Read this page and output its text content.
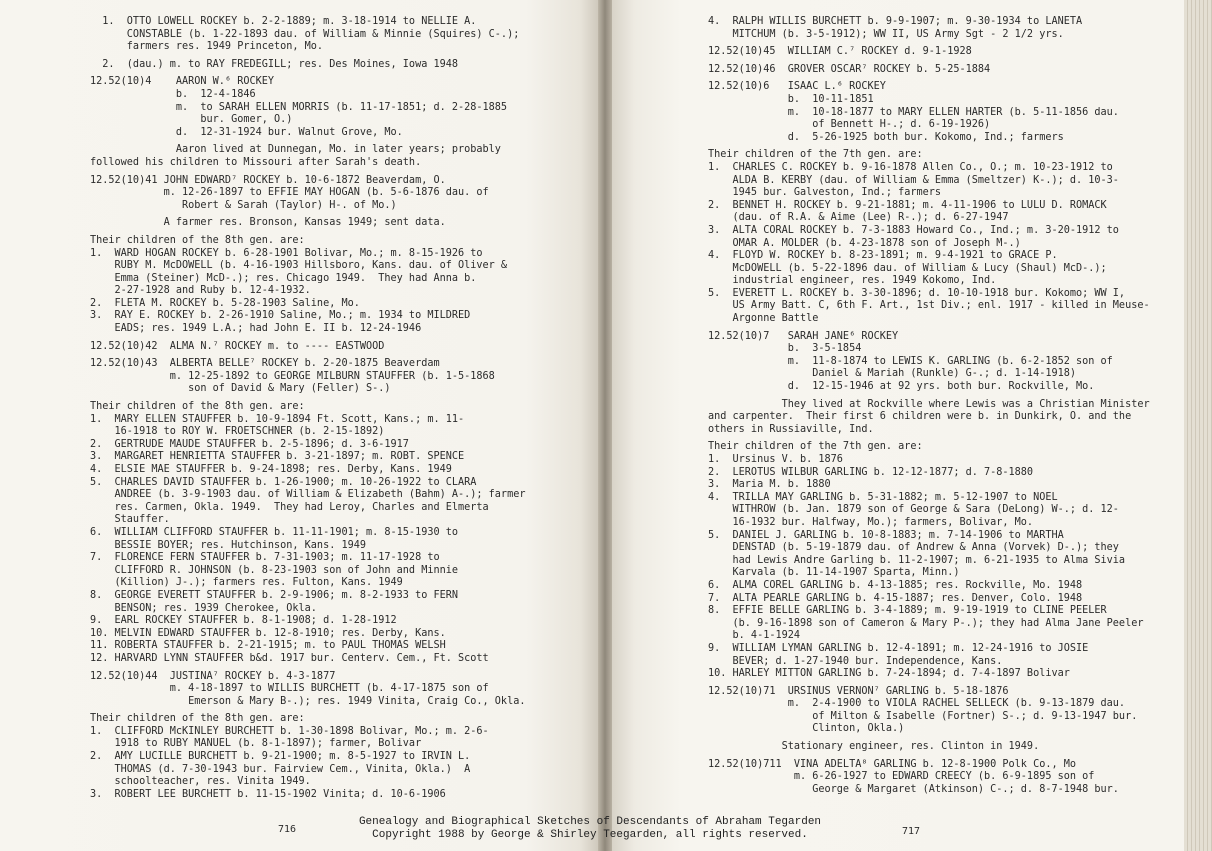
1.  OTTO LOWELL ROCKEY b. 2-2-1889; m. 3-18-1914 to NELLIE A.
CONSTABLE (b. 1-22-1893 dau. of William & Minnie (Squires) C-.);
farmers res. 1949 Princeton, Mo.
2.  (dau.) m. to RAY FREDEGILL; res. Des Moines, Iowa 1948
12.52(10)4    AARON W.⁶ ROCKEY
b.  12-4-1846
m.  to SARAH ELLEN MORRIS (b. 11-17-1851; d. 2-28-1885
bur. Gomer, O.)
d.  12-31-1924 bur. Walnut Grove, Mo.
Aaron lived at Dunnegan, Mo. in later years; probably
followed his children to Missouri after Sarah's death.
12.52(10)41 JOHN EDWARD⁷ ROCKEY b. 10-6-1872 Beaverdam, O.
m. 12-26-1897 to EFFIE MAY HOGAN (b. 5-6-1876 dau. of
Robert & Sarah (Taylor) H-. of Mo.)
A farmer res. Bronson, Kansas 1949; sent data.
Their children of the 8th gen. are:
1.  WARD HOGAN ROCKEY b. 6-28-1901 Bolivar, Mo.; m. 8-15-1926 to
RUBY M. McDOWELL (b. 4-16-1903 Hillsboro, Kans. dau. of Oliver &
Emma (Steiner) McD-.); res. Chicago 1949.  They had Anna b.
2-27-1928 and Ruby b. 12-4-1932.
2.  FLETA M. ROCKEY b. 5-28-1903 Saline, Mo.
3.  RAY E. ROCKEY b. 2-26-1910 Saline, Mo.; m. 1934 to MILDRED
EADS; res. 1949 L.A.; had John E. II b. 12-24-1946
12.52(10)42  ALMA N.⁷ ROCKEY m. to ---- EASTWOOD
12.52(10)43  ALBERTA BELLE⁷ ROCKEY b. 2-20-1875 Beaverdam
m. 12-25-1892 to GEORGE MILBURN STAUFFER (b. 1-5-1868
son of David & Mary (Feller) S-.)
Their children of the 8th gen. are:
1.  MARY ELLEN STAUFFER b. 10-9-1894 Ft. Scott, Kans.; m. 11-
16-1918 to ROY W. FROETSCHNER (b. 2-15-1892)
2.  GERTRUDE MAUDE STAUFFER b. 2-5-1896; d. 3-6-1917
3.  MARGARET HENRIETTA STAUFFER b. 3-21-1897; m. ROBT. SPENCE
4.  ELSIE MAE STAUFFER b. 9-24-1898; res. Derby, Kans. 1949
5.  CHARLES DAVID STAUFFER b. 1-26-1900; m. 10-26-1922 to CLARA
ANDREE (b. 3-9-1903 dau. of William & Elizabeth (Bahm) A-.); farmer
res. Carmen, Okla. 1949.  They had Leroy, Charles and Elmerta
Stauffer.
6.  WILLIAM CLIFFORD STAUFFER b. 11-11-1901; m. 8-15-1930 to
BESSIE BOYER; res. Hutchinson, Kans. 1949
7.  FLORENCE FERN STAUFFER b. 7-31-1903; m. 11-17-1928 to
CLIFFORD R. JOHNSON (b. 8-23-1903 son of John and Minnie
(Killion) J-.); farmers res. Fulton, Kans. 1949
8.  GEORGE EVERETT STAUFFER b. 2-9-1906; m. 8-2-1933 to FERN
BENSON; res. 1939 Cherokee, Okla.
9.  EARL ROCKEY STAUFFER b. 8-1-1908; d. 1-28-1912
10. MELVIN EDWARD STAUFFER b. 12-8-1910; res. Derby, Kans.
11. ROBERTA STAUFFER b. 2-21-1915; m. to PAUL THOMAS WELSH
12. HARVARD LYNN STAUFFER b&d. 1917 bur. Centerv. Cem., Ft. Scott
12.52(10)44  JUSTINA⁷ ROCKEY b. 4-3-1877
m. 4-18-1897 to WILLIS BURCHETT (b. 4-17-1875 son of
Emerson & Mary B-.); res. 1949 Vinita, Craig Co., Okla.
Their children of the 8th gen. are:
1.  CLIFFORD McKINLEY BURCHETT b. 1-30-1898 Bolivar, Mo.; m. 2-6-
1918 to RUBY MANUEL (b. 8-1-1897); farmer, Bolivar
2.  AMY LUCILLE BURCHETT b. 9-21-1900; m. 8-5-1927 to IRVIN L.
THOMAS (d. 7-30-1943 bur. Fairview Cem., Vinita, Okla.)  A
schoolteacher, res. Vinita 1949.
3.  ROBERT LEE BURCHETT b. 11-15-1902 Vinita; d. 10-6-1906
716
4.  RALPH WILLIS BURCHETT b. 9-9-1907; m. 9-30-1934 to LANETA
MITCHUM (b. 3-5-1912); WW II, US Army Sgt - 2 1/2 yrs.
12.52(10)45  WILLIAM C.⁷ ROCKEY d. 9-1-1928
12.52(10)46  GROVER OSCAR⁷ ROCKEY b. 5-25-1884
12.52(10)6   ISAAC L.⁶ ROCKEY
b.  10-11-1851
m.  10-18-1877 to MARY ELLEN HARTER (b. 5-11-1856 dau.
of Bennett H-.; d. 6-19-1926)
d.  5-26-1925 both bur. Kokomo, Ind.; farmers
Their children of the 7th gen. are:
1.  CHARLES C. ROCKEY b. 9-16-1878 Allen Co., O.; m. 10-23-1912 to
ALDA B. KERBY (dau. of William & Emma (Smeltzer) K-.); d. 10-3-
1945 bur. Galveston, Ind.; farmers
2.  BENNET H. ROCKEY b. 9-21-1881; m. 4-11-1906 to LULU D. ROMACK
(dau. of R.A. & Aime (Lee) R-.); d. 6-27-1947
3.  ALTA CORAL ROCKEY b. 7-3-1883 Howard Co., Ind.; m. 3-20-1912 to
OMAR A. MOLDER (b. 4-23-1878 son of Joseph M-.)
4.  FLOYD W. ROCKEY b. 8-23-1891; m. 9-4-1921 to GRACE P.
McDOWELL (b. 5-22-1896 dau. of William & Lucy (Shaul) McD-.);
industrial engineer, res. 1949 Kokomo, Ind.
5.  EVERETT L. ROCKEY b. 3-30-1896; d. 10-10-1918 bur. Kokomo; WW I,
US Army Batt. C, 6th F. Art., 1st Div.; enl. 1917 - killed in Meuse-
Argonne Battle
12.52(10)7   SARAH JANE⁶ ROCKEY
b.  3-5-1854
m.  11-8-1874 to LEWIS K. GARLING (b. 6-2-1852 son of
Daniel & Mariah (Runkle) G-.; d. 1-14-1918)
d.  12-15-1946 at 92 yrs. both bur. Rockville, Mo.
They lived at Rockville where Lewis was a Christian Minister
and carpenter.  Their first 6 children were b. in Dunkirk, O. and the
others in Russiaville, Ind.
Their children of the 7th gen. are:
1.  Ursinus V. b. 1876
2.  LEROTUS WILBUR GARLING b. 12-12-1877; d. 7-8-1880
3.  Maria M. b. 1880
4.  TRILLA MAY GARLING b. 5-31-1882; m. 5-12-1907 to NOEL
WITHROW (b. Jan. 1879 son of George & Sara (DeLong) W-.; d. 12-
16-1932 bur. Halfway, Mo.); farmers, Bolivar, Mo.
5.  DANIEL J. GARLING b. 10-8-1883; m. 7-14-1906 to MARTHA
DENSTAD (b. 5-19-1879 dau. of Andrew & Anna (Vorvek) D-.); they
had Lewis Andre Garling b. 11-2-1907; m. 6-21-1935 to Alma Sivia
Karvala (b. 11-14-1907 Sparta, Minn.)
6.  ALMA COREL GARLING b. 4-13-1885; res. Rockville, Mo. 1948
7.  ALTA PEARLE GARLING b. 4-15-1887; res. Denver, Colo. 1948
8.  EFFIE BELLE GARLING b. 3-4-1889; m. 9-19-1919 to CLINE PEELER
(b. 9-16-1898 son of Cameron & Mary P-.); they had Alma Jane Peeler
b. 4-1-1924
9.  WILLIAM LYMAN GARLING b. 12-4-1891; m. 12-24-1916 to JOSIE
BEVER; d. 1-27-1940 bur. Independence, Kans.
10. HARLEY MITTON GARLING b. 7-24-1894; d. 7-4-1897 Bolivar
12.52(10)71  URSINUS VERNON⁷ GARLING b. 5-18-1876
m.  2-4-1900 to VIOLA RACHEL SELLECK (b. 9-13-1879 dau.
of Milton & Isabelle (Fortner) S-.; d. 9-13-1947 bur.
Clinton, Okla.)
Stationary engineer, res. Clinton in 1949.
12.52(10)711  VINA ADELTA⁸ GARLING b. 12-8-1900 Polk Co., Mo
m. 6-26-1927 to EDWARD CREECY (b. 6-9-1895 son of
George & Margaret (Atkinson) C-.; d. 8-7-1948 bur.
717
Genealogy and Biographical Sketches of Descendants of Abraham Tegarden
Copyright 1988 by George & Shirley Teegarden, all rights reserved.
